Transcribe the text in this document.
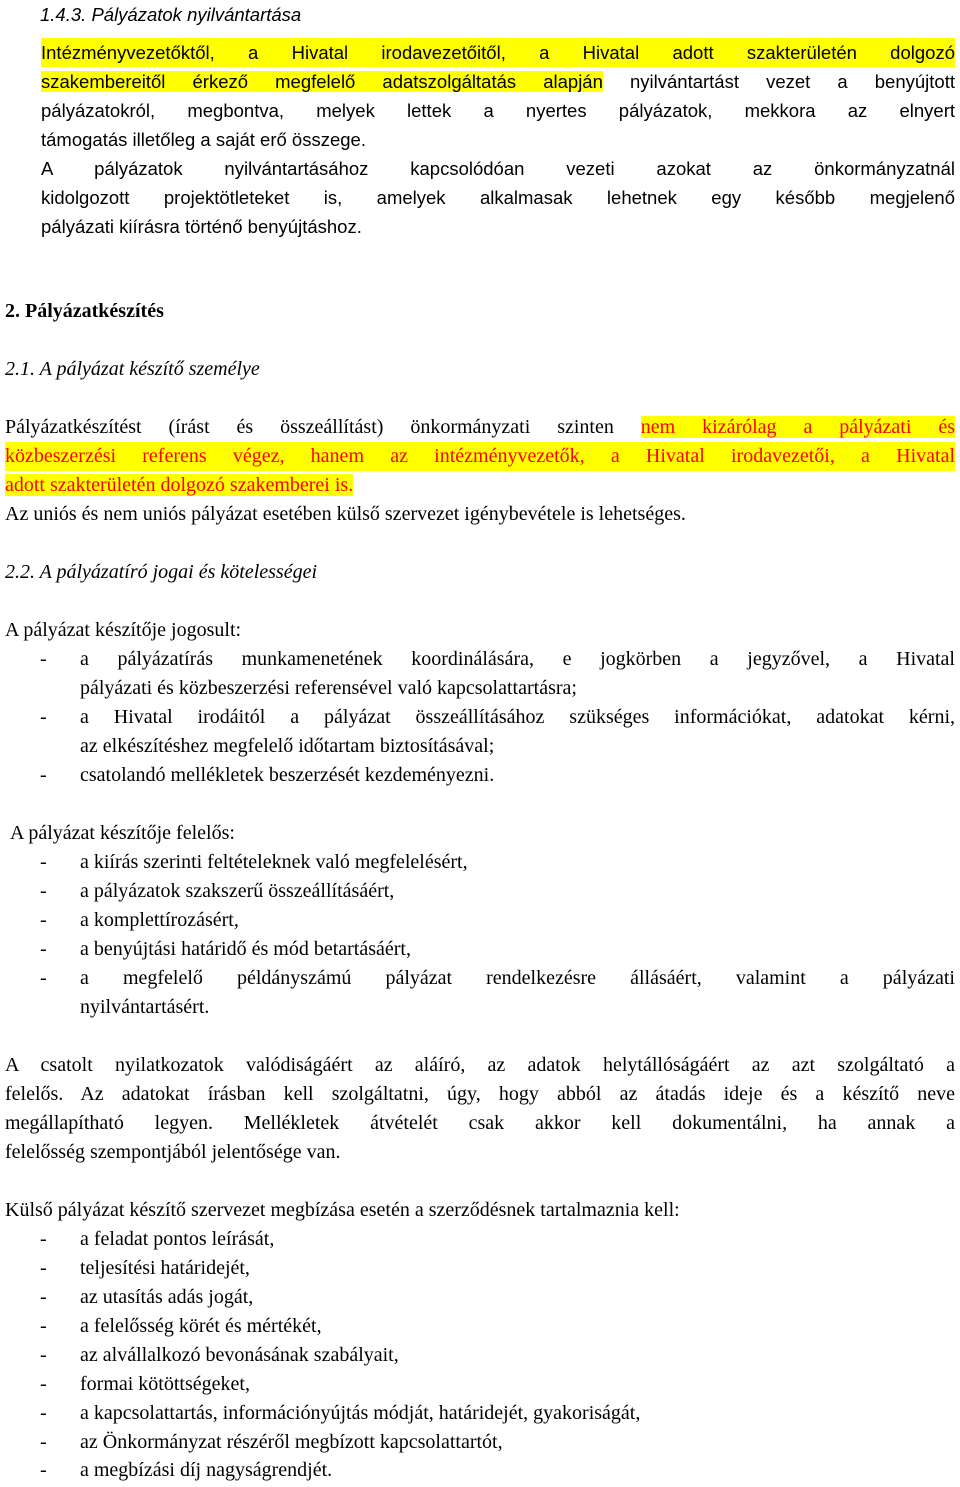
1.4.3. Pályázatok nyilvántartása
Intézményvezetőktől, a Hivatal irodavezetőitől, a Hivatal adott szakterületén dolgozó
szakembereitől érkező megfelelő adatszolgáltatás alapján nyilvántartást vezet a benyújtott
pályázatokról, megbontva, melyek lettek a nyertes pályázatok, mekkora az elnyert
támogatás illetőleg a saját erő összege.
A pályázatok nyilvántartásához kapcsolódóan vezeti azokat az önkormányzatnál
kidolgozott projektötleteket is, amelyek alkalmasak lehetnek egy később megjelenő
pályázati kiírásra történő benyújtáshoz.
2. Pályázatkészítés
2.1. A pályázat készítő személye
Pályázatkészítést (írást és összeállítást) önkormányzati szinten nem kizárólag a pályázati és
közbeszerzési referens végez, hanem az intézményvezetők, a Hivatal irodavezetői, a Hivatal
adott szakterületén dolgozó szakemberei is.
Az uniós és nem uniós pályázat esetében külső szervezet igénybevétele is lehetséges.
2.2. A pályázatíró jogai és kötelességei
A pályázat készítője jogosult:
- a pályázatírás munkamenetének koordinálására, e jogkörben a jegyzővel, a Hivatal
pályázati és közbeszerzési referensével való kapcsolattartásra;
- a Hivatal irodáitól a pályázat összeállításához szükséges információkat, adatokat kérni,
az elkészítéshez megfelelő időtartam biztosításával;
- csatolandó mellékletek beszerzését kezdeményezni.
A pályázat készítője felelős:
- a kiírás szerinti feltételeknek való megfelelésért,
- a pályázatok szakszerű összeállításáért,
- a komplettírozásért,
- a benyújtási határidő és mód betartásáért,
- a megfelelő példányszámú pályázat rendelkezésre állásáért, valamint a pályázati
nyilvántartásért.
A csatolt nyilatkozatok valódiságáért az aláíró, az adatok helytállóságáért az azt szolgáltató a
felelős. Az adatokat írásban kell szolgáltatni, úgy, hogy abból az átadás ideje és a készítő neve
megállapítható legyen. Mellékletek átvételét csak akkor kell dokumentálni, ha annak a
felelősség szempontjából jelentősége van.
Külső pályázat készítő szervezet megbízása esetén a szerződésnek tartalmaznia kell:
- a feladat pontos leírását,
- teljesítési határidejét,
- az utasítás adás jogát,
- a felelősség körét és mértékét,
- az alvállalkozó bevonásának szabályait,
- formai kötöttségeket,
- a kapcsolattartás, információnyújtás módját, határidejét, gyakoriságát,
- az Önkormányzat részéről megbízott kapcsolattartót,
- a megbízási díj nagyságrendjét.
